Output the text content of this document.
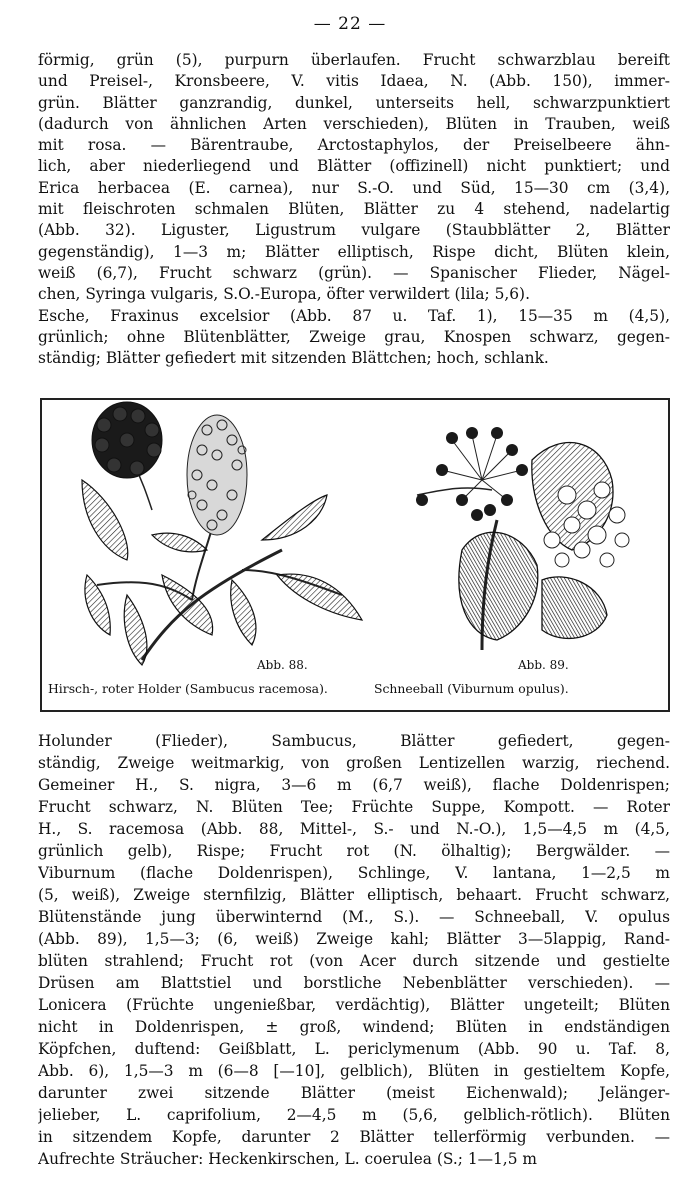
— 22 —
förmig, grün (5), purpurn überlaufen. Frucht schwarzblau bereift
und Preisel-, Kronsbeere, V. vitis Idaea, N. (Abb. 150), immer-
grün. Blätter ganzrandig, dunkel, unterseits hell, schwarzpunktiert
(dadurch von ähnlichen Arten verschieden), Blüten in Trauben, weiß
mit rosa. — Bärentraube, Arctostaphylos, der Preiselbeere ähn-
lich, aber niederliegend und Blätter (offizinell) nicht punktiert; und
Erica herbacea (E. carnea), nur S.-O. und Süd, 15—30 cm (3,4),
mit fleischroten schmalen Blüten, Blätter zu 4 stehend, nadelartig
(Abb. 32). Liguster, Ligustrum vulgare (Staubblätter 2, Blätter
gegenständig), 1—3 m; Blätter elliptisch, Rispe dicht, Blüten klein,
weiß (6,7), Frucht schwarz (grün). — Spanischer Flieder, Nägel-
chen, Syringa vulgaris, S.O.-Europa, öfter verwildert (lila; 5,6).
Esche, Fraxinus excelsior (Abb. 87 u. Taf. 1), 15—35 m (4,5),
grünlich; ohne Blütenblätter, Zweige grau, Knospen schwarz, gegen-
ständig; Blätter gefiedert mit sitzenden Blättchen; hoch, schlank.
Abb. 88.	Abb. 89.
Hirsch-, roter Holder (Sambucus racemosa).	Schneeball (Viburnum opulus).
Holunder (Flieder), Sambucus, Blätter gefiedert, gegen-
ständig, Zweige weitmarkig, von großen Lentizellen warzig, riechend.
Gemeiner H., S. nigra, 3—6 m (6,7 weiß), flache Doldenrispen;
Frucht schwarz, N. Blüten Tee; Früchte Suppe, Kompott. — Roter
H., S. racemosa (Abb. 88, Mittel-, S.- und N.-O.), 1,5—4,5 m (4,5,
grünlich gelb), Rispe; Frucht rot (N. ölhaltig); Bergwälder. —
Viburnum (flache Doldenrispen), Schlinge, V. lantana, 1—2,5 m
(5, weiß), Zweige sternfilzig, Blätter elliptisch, behaart. Frucht schwarz,
Blütenstände jung überwinternd (M., S.). — Schneeball, V. opulus
(Abb. 89), 1,5—3; (6, weiß) Zweige kahl; Blätter 3—5lappig, Rand-
blüten strahlend; Frucht rot (von Acer durch sitzende und gestielte
Drüsen am Blattstiel und borstliche Nebenblätter verschieden). —
Lonicera (Früchte ungenießbar, verdächtig), Blätter ungeteilt; Blüten
nicht in Doldenrispen, ± groß, windend; Blüten in endständigen
Köpfchen, duftend: Geißblatt, L. periclymenum (Abb. 90 u. Taf. 8,
Abb. 6), 1,5—3 m (6—8 [—10], gelblich), Blüten in gestieltem Kopfe,
darunter zwei sitzende Blätter (meist Eichenwald); Jelänger-
jelieber, L. caprifolium, 2—4,5 m (5,6, gelblich-rötlich). Blüten
in sitzendem Kopfe, darunter 2 Blätter tellerförmig verbunden. —
Aufrechte Sträucher: Heckenkirschen, L. coerulea (S.; 1—1,5 m
